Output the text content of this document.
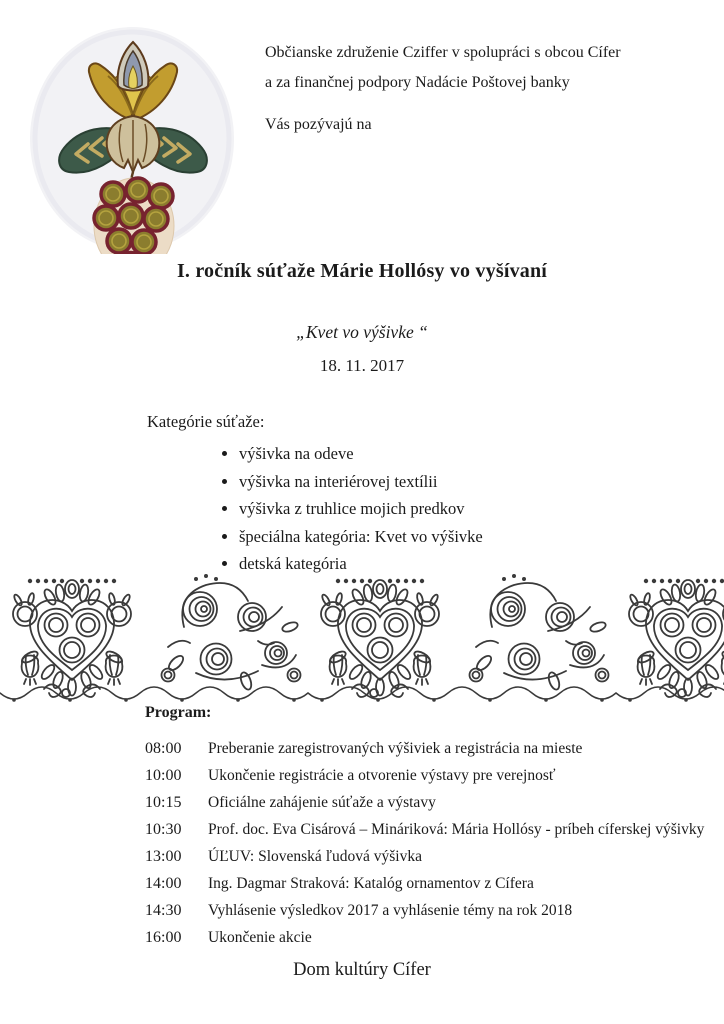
Občianske združenie Cziffer v spolupráci s obcou Cífer

a za finančnej podpory Nadácie Poštovej banky

Vás pozývajú na

I. ročník súťaže Márie Hollósy vo vyšívaní
„Kvet vo výšivke “
18. 11. 2017

Kategórie súťaže:

• výšivka na odeve
• výšivka na interiérovej textílii
• výšivka z truhlice mojich predkov
• špeciálna kategória: Kvet vo výšivke
• detská kategória

Program:

08:00	Preberanie zaregistrovaných výšiviek a registrácia na mieste
10:00	Ukončenie registrácie a otvorenie výstavy pre verejnosť
10:15	Oficiálne zahájenie súťaže a výstavy
10:30	Prof. doc. Eva Cisárová – Mináriková: Mária Hollósy - príbeh cíferskej výšivky
13:00	ÚĽUV: Slovenská ľudová výšivka
14:00	Ing. Dagmar Straková: Katalóg ornamentov z Cífera
14:30	Vyhlásenie výsledkov 2017 a vyhlásenie témy na rok 2018
16:00	Ukončenie akcie
Dom kultúry Cífer
